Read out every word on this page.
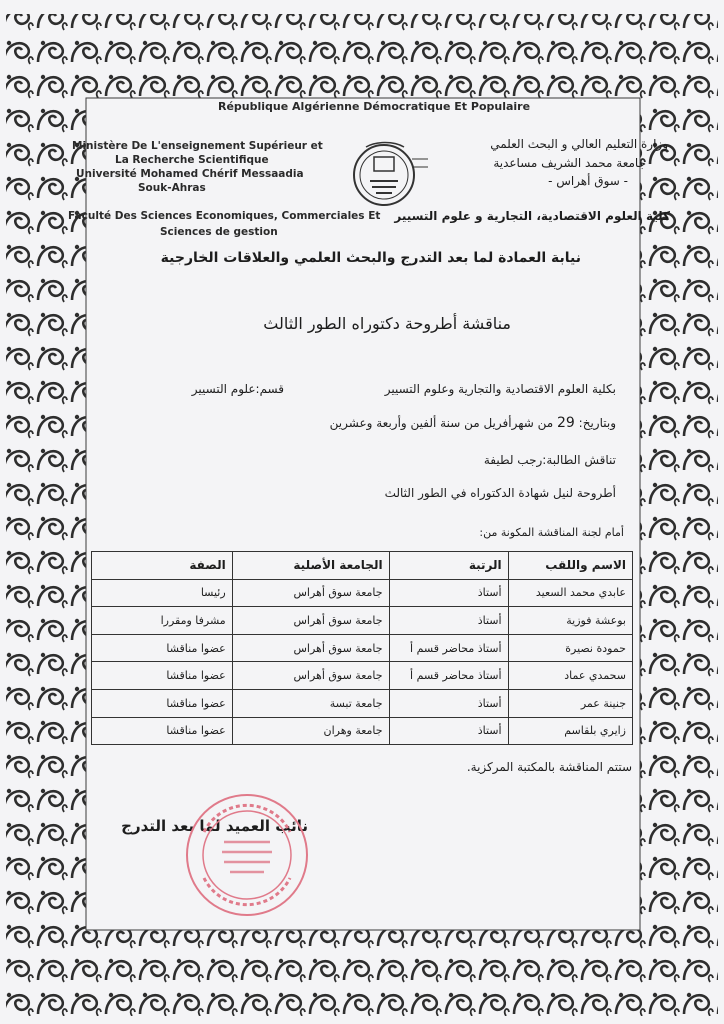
République Algérienne Démocratique Et Populaire
Ministère De L'enseignement Supérieur et
La Recherche Scientifique
Université Mohamed Chérif Messaadia
Souk-Ahras
وزارة التعليم العالي و البحث العلمي
جامعة محمد الشريف مساعدية
- سوق أهراس -
Faculté Des Sciences Economiques, Commerciales Et
Sciences de gestion
كلية العلوم الاقتصادية، التجارية و علوم التسيير
نيابة العمادة لما بعد التدرج والبحث العلمي والعلاقات الخارجية
مناقشة أطروحة دكتوراه الطور الثالث
بكلية العلوم الاقتصادية والتجارية وعلوم التسيير
قسم:علوم التسيير
وبتاريخ: 29 من شهرأفريل من سنة ألفين وأربعة وعشرين
تناقش الطالبة:رجب لطيفة
أطروحة لنيل شهادة الدكتوراه في الطور الثالث
أمام لجنة المناقشة المكونة من:
الاسم واللقب	الرتبة	الجامعة الأصلية	الصفة
عابدي محمد السعيد	أستاذ	جامعة سوق أهراس	رئيسا
بوعشة فوزية	أستاذ	جامعة سوق أهراس	مشرفا ومقررا
حمودة نصيرة	أستاذ محاضر قسم أ	جامعة سوق أهراس	عضوا مناقشا
سحمدي عماد	أستاذ محاضر قسم أ	جامعة سوق أهراس	عضوا مناقشا
جنينة عمر	أستاذ	جامعة تبسة	عضوا مناقشا
زايري بلقاسم	أستاذ	جامعة وهران	عضوا مناقشا
ستتم المناقشة بالمكتبة المركزية.
نائب العميد لما بعد التدرج
